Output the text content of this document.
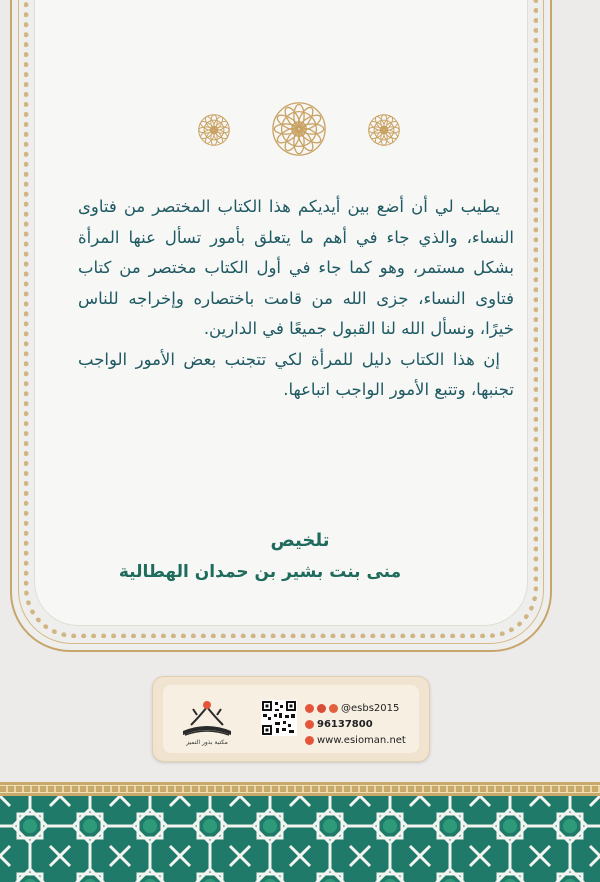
يطيب لي أن أضع بين أيديكم هذا الكتاب المختصر من فتاوى النساء، والذي جاء في أهم ما يتعلق بأمور تسأل عنها المرأة بشكل مستمر، وهو كما جاء في أول الكتاب مختصر من كتاب فتاوى النساء، جزى الله من قامت باختصاره وإخراجه للناس خيرًا، ونسأل الله لنا القبول جميعًا في الدارين.

إن هذا الكتاب دليل للمرأة لكي تتجنب بعض الأمور الواجب تجنبها، وتتبع الأمور الواجب اتباعها.

تلخيص
منى بنت بشير بن حمدان الهطالية
مكتبة بذور التميز
@esbs2015
96137800
www.esioman.net
